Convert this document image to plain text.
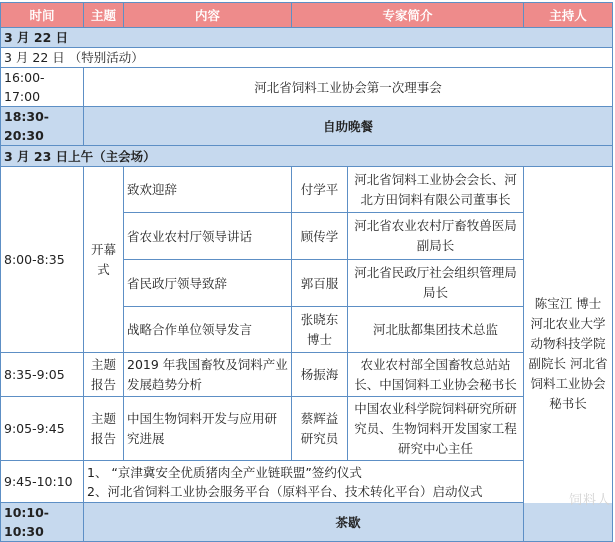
时间	主题	内容	专家简介		主持人
3 月 22 日					
3 月 22 日 （特别活动）					
16:00-17:00	河北省饲料工业协会第一次理事会				
18:30-20:30	自助晚餐				
3 月 23 日上午（主会场）					
8:00-8:35	开幕式	致欢迎辞	付学平	河北省饲料工业协会会长、河北方田饲料有限公司董事长	陈宝江 博士 河北农业大学动物科技学院副院长 河北省饲料工业协会秘书长
		省农业农村厅领导讲话	顾传学	河北省农业农村厅畜牧兽医局副局长	
		省民政厅领导致辞	郭百服	河北省民政厅社会组织管理局局长	
		战略合作单位领导发言	张晓东博士	河北肽都集团技术总监	
8:35-9:05	主题报告	2019 年我国畜牧及饲料产业发展趋势分析	杨振海	农业农村部全国畜牧总站站长、中国饲料工业协会秘书长	
9:05-9:45	主题报告	中国生物饲料开发与应用研究进展	蔡辉益研究员	中国农业科学院饲料研究所研究员、生物饲料开发国家工程研究中心主任	
9:45-10:10	1、 “京津冀安全优质猪肉全产业链联盟”签约仪式
2、河北省饲料工业协会服务平台（原料平台、技术转化平台）启动仪式				

10:10-10:30	茶歇				
饲料人
